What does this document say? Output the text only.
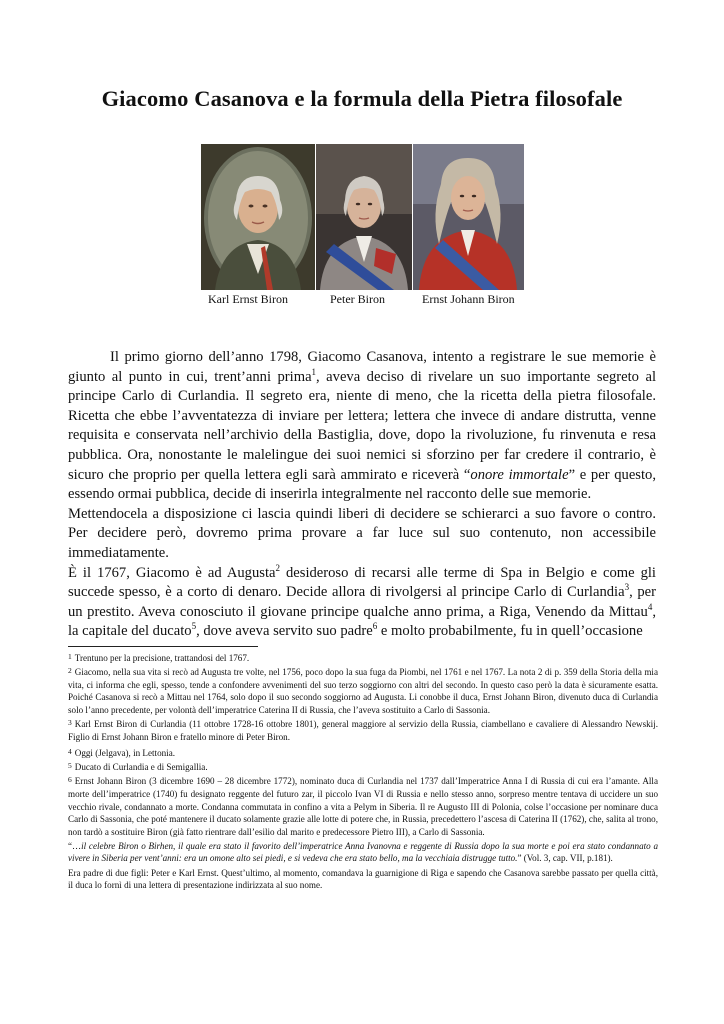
Giacomo Casanova e la formula della Pietra filosofale
Karl Ernst Biron	Peter Biron	Ernst Johann Biron

Il primo giorno dell’anno 1798, Giacomo Casanova, intento a registrare le sue memorie è giunto al punto in cui, trent’anni prima$^1$, aveva deciso di rivelare un suo importante segreto al principe Carlo di Curlandia. Il segreto era, niente di meno, che la ricetta della pietra filosofale. Ricetta che ebbe l’avventatezza di inviare per lettera; lettera che invece di andare distrutta, venne requisita e conservata nell’archivio della Bastiglia, dove, dopo la rivoluzione, fu rinvenuta e resa pubblica. Ora, nonostante le malelingue dei suoi nemici si sforzino per far credere il contrario, è sicuro che proprio per quella lettera egli sarà ammirato e riceverà “onore immortale” e per questo, essendo ormai pubblica, decide di inserirla integralmente nel racconto delle sue memorie.

Mettendocela a disposizione ci lascia quindi liberi di decidere se schierarci a suo favore o contro. Per decidere però, dovremo prima provare a far luce sul suo contenuto, non accessibile immediatamente.

È il 1767, Giacomo è ad Augusta$^2$ desideroso di recarsi alle terme di Spa in Belgio e come gli succede spesso, è a corto di denaro. Decide allora di rivolgersi al principe Carlo di Curlandia$^3$, per un prestito. Aveva conosciuto il giovane principe qualche anno prima, a Riga, Venendo da Mittau$^4$, la capitale del ducato$^5$, dove aveva servito suo padre$^6$ e molto probabilmente, fu in quell’occasione

$^1$ Trentuno per la precisione, trattandosi del 1767.

$^2$ Giacomo, nella sua vita si recò ad Augusta tre volte, nel 1756, poco dopo la sua fuga da Piombi, nel 1761 e nel 1767. La nota 2 di p. 359 della Storia della mia vita, ci informa che egli, spesso, tende a confondere avvenimenti del suo terzo soggiorno con altri del secondo. In questo caso però la data è sicuramente esatta. Poiché Casanova si recò a Mittau nel 1764, solo dopo il suo secondo soggiorno ad Augusta. Li conobbe il duca, Ernst Johann Biron, divenuto duca di Curlandia solo l’anno precedente, per volontà dell’imperatrice Caterina II di Russia, che l’aveva sostituito a Carlo di Sassonia.

$^3$ Karl Ernst Biron di Curlandia (11 ottobre 1728-16 ottobre 1801), general maggiore al servizio della Russia, ciambellano e cavaliere di Alessandro Newskij. Figlio di Ernst Johann Biron e fratello minore di Peter Biron.

$^4$ Oggi (Jelgava), in Lettonia.

$^5$ Ducato di Curlandia e di Semigallia.

$^6$ Ernst Johann Biron (3 dicembre 1690 – 28 dicembre 1772), nominato duca di Curlandia nel 1737 dall’Imperatrice Anna I di Russia di cui era l’amante. Alla morte dell’imperatrice (1740) fu designato reggente del futuro zar, il piccolo Ivan VI di Russia e nello stesso anno, sorpreso mentre tentava di uccidere un suo vecchio rivale, condannato a morte. Condanna commutata in confino a vita a Pelym in Siberia. Il re Augusto III di Polonia, colse l’occasione per nominare duca Carlo di Sassonia, che poté mantenere il ducato solamente grazie alle lotte di potere che, in Russia, precedettero l’ascesa di Caterina II (1762), che, salita al trono, non tardò a sostituire Biron (già fatto rientrare dall’esilio dal marito e predecessore Pietro III), a Carlo di Sassonia.

“…il celebre Biron o Birhen, il quale era stato il favorito dell’imperatrice Anna Ivanovna e reggente di Russia dopo la sua morte e poi era stato condannato a vivere in Siberia per vent’anni: era un omone alto sei piedi, e si vedeva che era stato bello, ma la vecchiaia distrugge tutto.” (Vol. 3, cap. VII, p.181).

Era padre di due figli: Peter e Karl Ernst. Quest’ultimo, al momento, comandava la guarnigione di Riga e sapendo che Casanova sarebbe passato per quella città, il duca lo fornì di una lettera di presentazione indirizzata al suo nome.
